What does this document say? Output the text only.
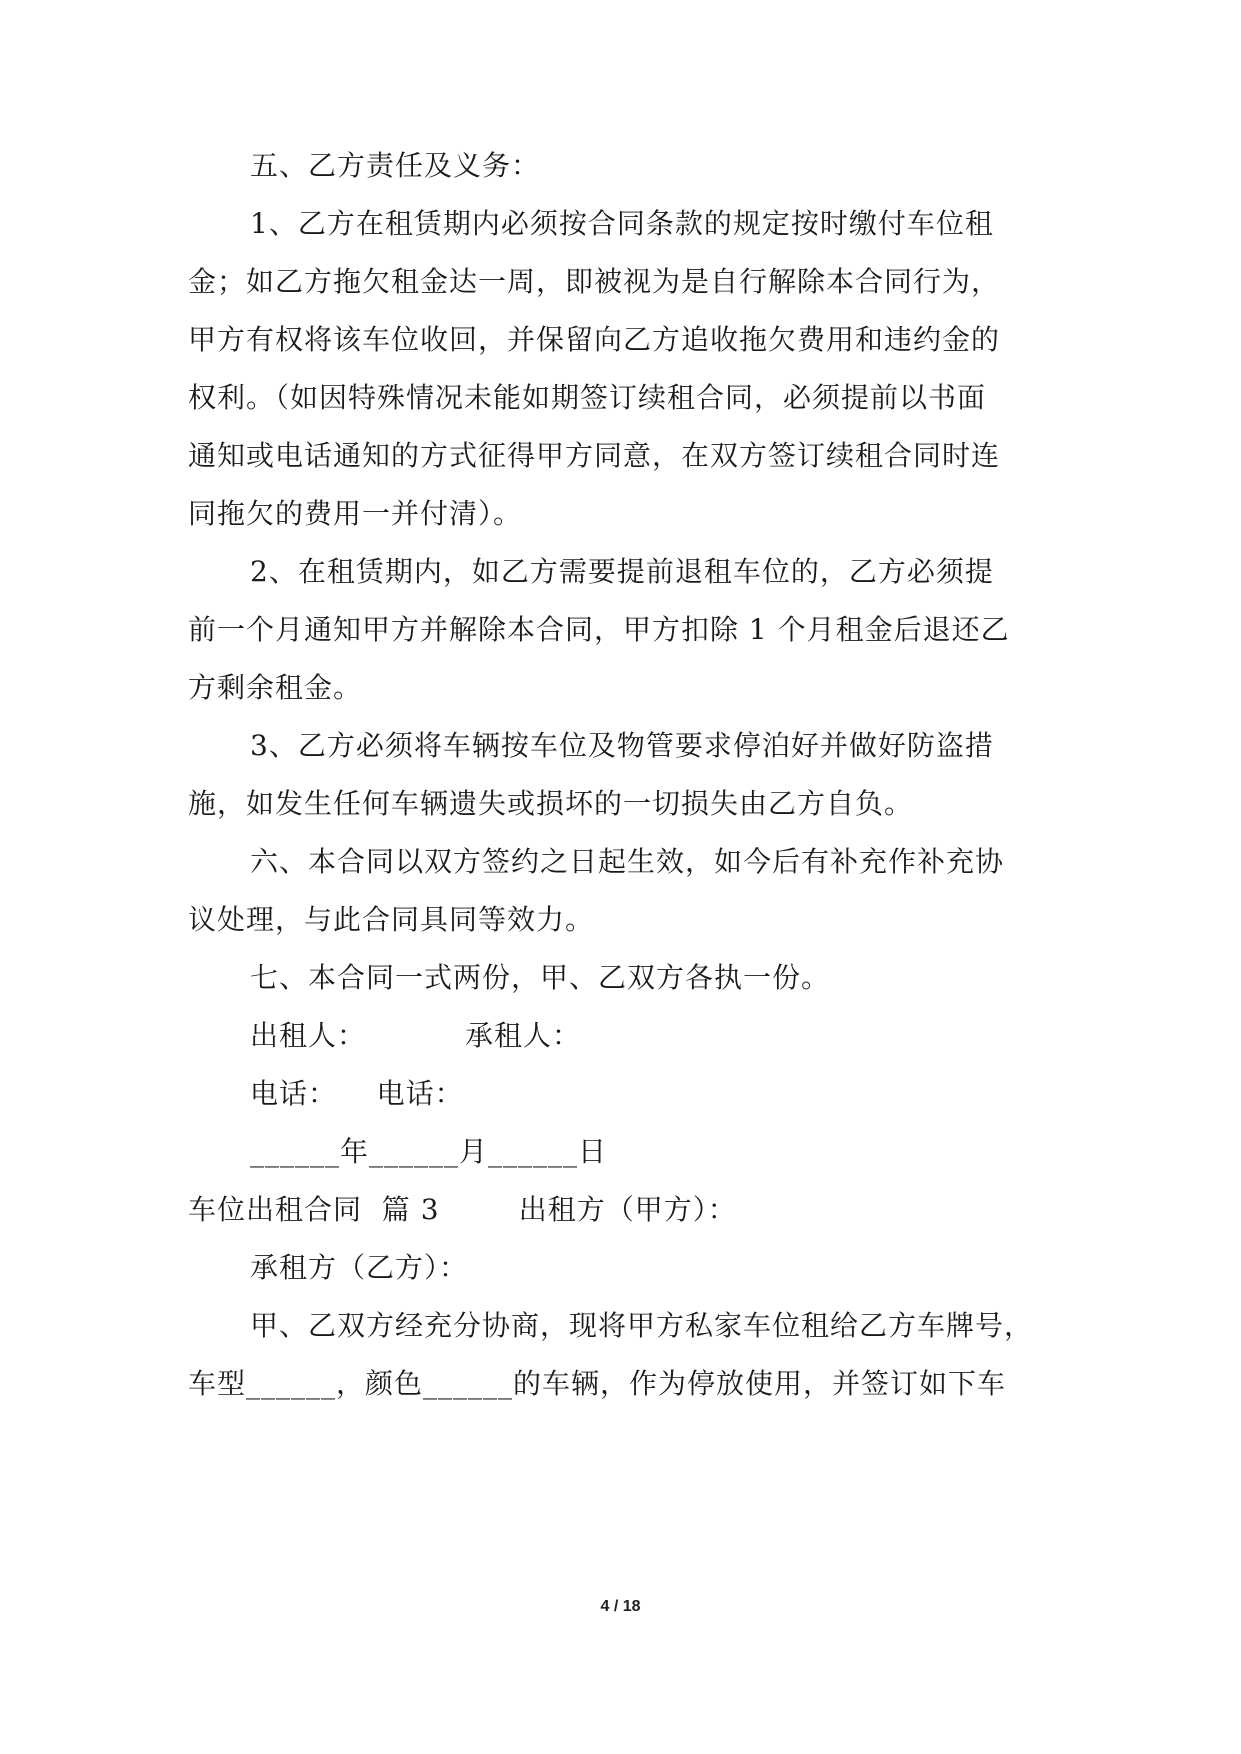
五、乙方责任及义务：
1、乙方在租赁期内必须按合同条款的规定按时缴付车位租
金；如乙方拖欠租金达一周，即被视为是自行解除本合同行为，
甲方有权将该车位收回，并保留向乙方追收拖欠费用和违约金的
权利。（如因特殊情况未能如期签订续租合同，必须提前以书面
通知或电话通知的方式征得甲方同意，在双方签订续租合同时连
同拖欠的费用一并付清）。
2、在租赁期内，如乙方需要提前退租车位的，乙方必须提
前一个月通知甲方并解除本合同，甲方扣除 1 个月租金后退还乙
方剩余租金。
3、乙方必须将车辆按车位及物管要求停泊好并做好防盗措
施，如发生任何车辆遗失或损坏的一切损失由乙方自负。
六、本合同以双方签约之日起生效，如今后有补充作补充协
议处理，与此合同具同等效力。
七、本合同一式两份，甲、乙双方各执一份。
出租人：          承租人：
电话：    电话：
______年______月______日
车位出租合同  篇 3        出租方（甲方）：
承租方（乙方）：
甲、乙双方经充分协商，现将甲方私家车位租给乙方车牌号，
车型______，颜色______的车辆，作为停放使用，并签订如下车
4 / 18
